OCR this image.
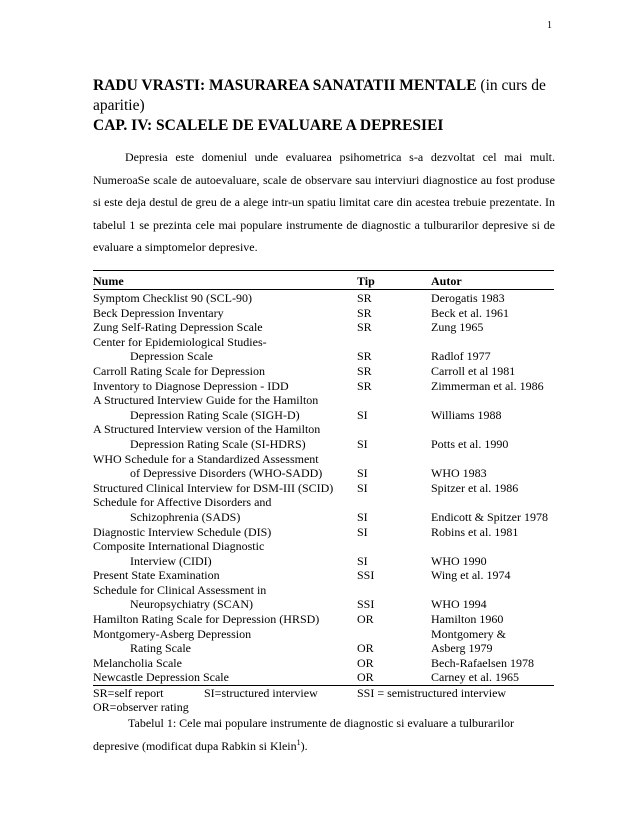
1
RADU VRASTI: MASURAREA SANATATII MENTALE (in curs de aparitie)
CAP. IV: SCALELE DE EVALUARE A DEPRESIEI
Depresia este domeniul unde evaluarea psihometrica s-a dezvoltat cel mai mult. NumeroaSe scale de autoevaluare, scale de observare sau interviuri diagnostice au fost produse si este deja destul de greu de a alege intr-un spatiu limitat care din acestea trebuie prezentate. In tabelul 1 se prezinta cele mai populare instrumente de diagnostic a tulburarilor depresive si de evaluare a simptomelor depresive.
Nume	Tip	Autor
Symptom Checklist 90 (SCL-90)	SR	Derogatis 1983
Beck Depression Inventary	SR	Beck et al. 1961
Zung Self-Rating Depression Scale	SR	Zung 1965
Center for Epidemiological Studies-
Depression Scale	SR	Radlof 1977
Carroll Rating Scale for Depression	SR	Carroll et al 1981
Inventory to Diagnose Depression - IDD	SR	Zimmerman et al. 1986
A Structured Interview Guide for the Hamilton
Depression Rating Scale (SIGH-D)	SI	Williams 1988
A Structured Interview version of the Hamilton
Depression Rating Scale (SI-HDRS)	SI	Potts et al. 1990
WHO Schedule for a Standardized Assessment
of Depressive Disorders (WHO-SADD)	SI	WHO 1983
Structured Clinical Interview for DSM-III (SCID) SI	Spitzer et al. 1986
Schedule for Affective Disorders and
Schizophrenia (SADS)	SI	Endicott & Spitzer 1978
Diagnostic Interview Schedule (DIS)	SI	Robins et al. 1981
Composite International Diagnostic
Interview (CIDI)	SI	WHO 1990
Present State Examination	SSI	Wing et al. 1974
Schedule for Clinical Assessment in
Neuropsychiatry (SCAN)	SSI	WHO 1994
Hamilton Rating Scale for Depression (HRSD)	OR	Hamilton 1960
Montgomery-Asberg Depression	Montgomery &
Rating Scale	OR	Asberg 1979
Melancholia Scale	OR	Bech-Rafaelsen 1978
Newcastle Depression Scale	OR	Carney et al. 1965
SR=self report	SI=structured interview	SSI = semistructured interview
OR=observer rating
Tabelul 1: Cele mai populare instrumente de diagnostic si evaluare a tulburarilor depresive (modificat dupa Rabkin si Klein$^1$).
